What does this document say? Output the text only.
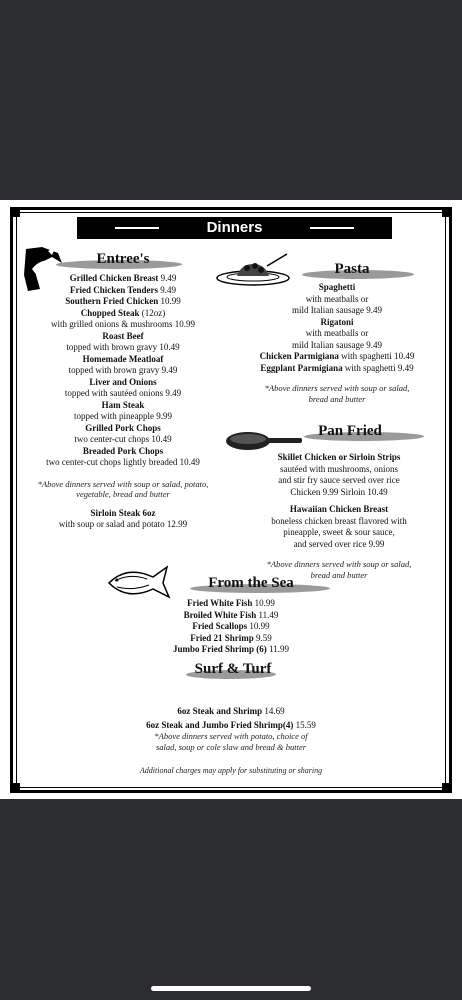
Dinners
Entree's
Grilled Chicken Breast 9.49
Fried Chicken Tenders 9.49
Southern Fried Chicken 10.99
Chopped Steak (12oz)
with grilled onions & mushrooms 10.99
Roast Beef
topped with brown gravy 10.49
Homemade Meatloaf
topped with brown gravy 9.49
Liver and Onions
topped with sautéed onions 9.49
Ham Steak
topped with pineapple 9.99
Grilled Pork Chops
two center-cut chops 10.49
Breaded Pork Chops
two center-cut chops lightly breaded 10.49
*Above dinners served with soup or salad, potato,
vegetable, bread and butter
Sirloin Steak 6oz
with soup or salad and potato 12.99
Pasta
Spaghetti
with meatballs or
mild Italian sausage 9.49
Rigatoni
with meatballs or
mild Italian sausage 9.49
Chicken Parmigiana with spaghetti 10.49
Eggplant Parmigiana with spaghetti 9.49
*Above dinners served with soup or salad,
bread and butter
Pan Fried
Skillet Chicken or Sirloin Strips
sautéed with mushrooms, onions
and stir fry sauce served over rice
Chicken 9.99 Sirloin 10.49
Hawaiian Chicken Breast
boneless chicken breast flavored with
pineapple, sweet & sour sauce,
and served over rice 9.99
*Above dinners served with soup or salad,
bread and butter
From the Sea
Fried White Fish 10.99
Broiled White Fish 11.49
Fried Scallops 10.99
Fried 21 Shrimp 9.59
Jumbo Fried Shrimp (6) 11.99
Surf & Turf
6oz Steak and Shrimp 14.69
6oz Steak and Jumbo Fried Shrimp(4) 15.59
*Above dinners served with potato, choice of
salad, soup or cole slaw and bread & butter
Additional charges may apply for substituting or sharing
